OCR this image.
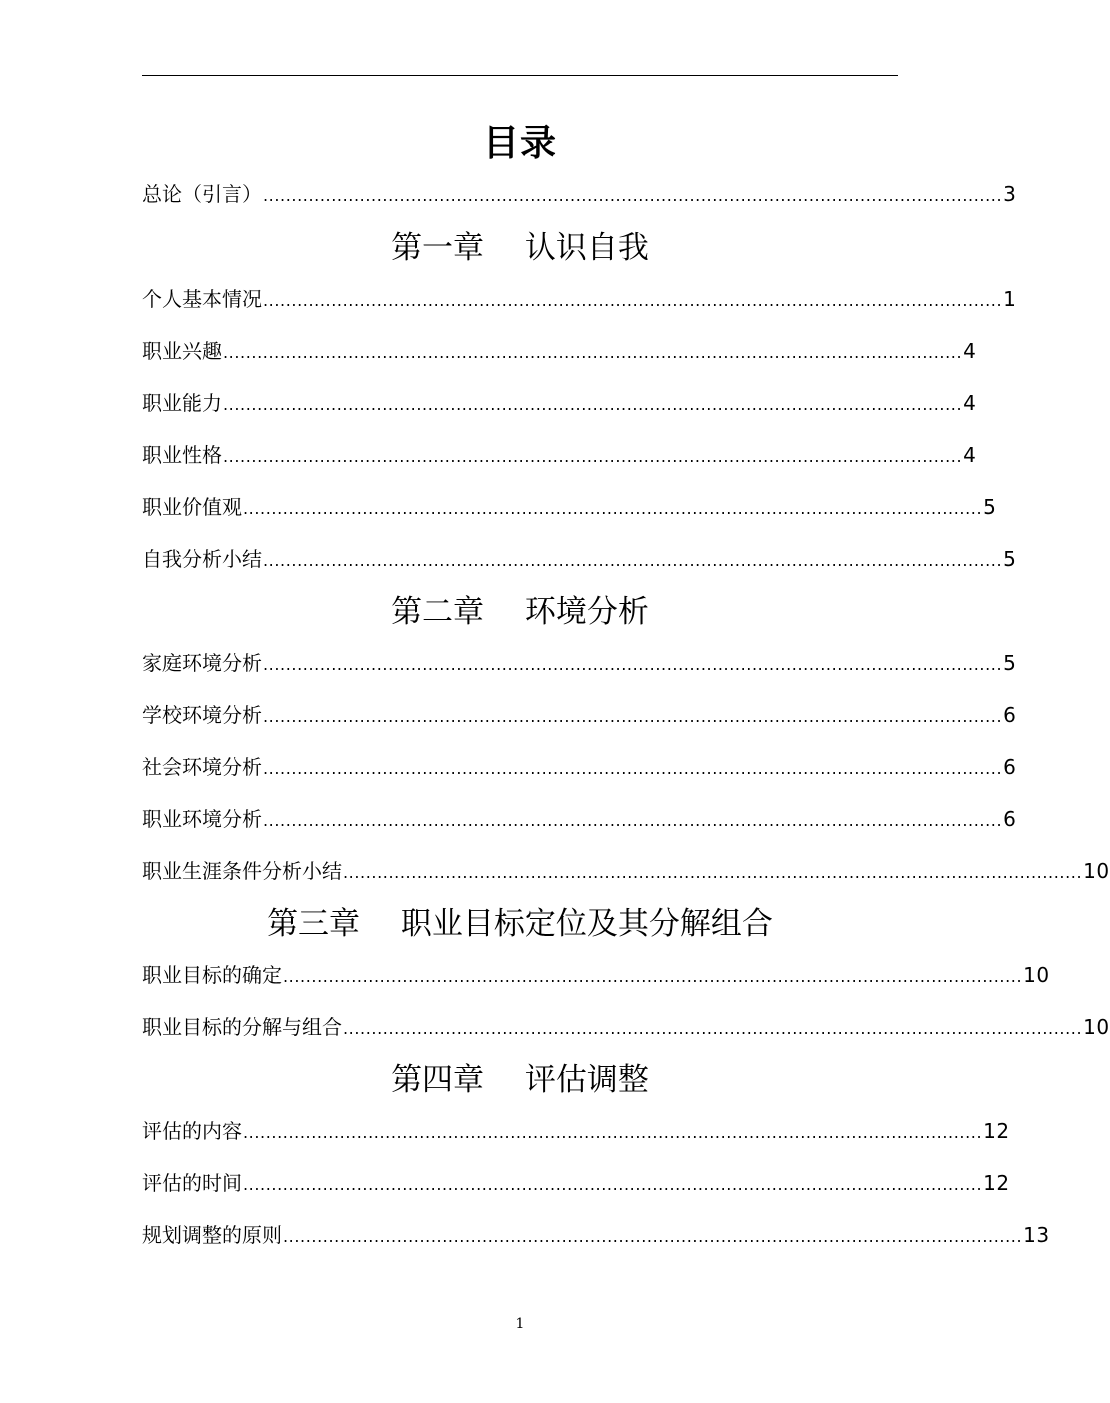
目录
总论（引言） .................................................................................................................................. 3
第一章　 认识自我
个人基本情况 .................................................................................................................................. 1
职业兴趣 .................................................................................................................................. 4
职业能力 .................................................................................................................................. 4
职业性格 .................................................................................................................................. 4
职业价值观 .................................................................................................................................. 5
自我分析小结 .................................................................................................................................. 5
第二章　 环境分析
家庭环境分析 .................................................................................................................................. 5
学校环境分析 .................................................................................................................................. 6
社会环境分析 .................................................................................................................................. 6
职业环境分析 .................................................................................................................................. 6
职业生涯条件分析小结 .................................................................................................................................. 10
第三章　 职业目标定位及其分解组合
职业目标的确定 .................................................................................................................................. 10
职业目标的分解与组合 .................................................................................................................................. 10
第四章　 评估调整
评估的内容 .................................................................................................................................. 12
评估的时间 .................................................................................................................................. 12
规划调整的原则 .................................................................................................................................. 13
1
